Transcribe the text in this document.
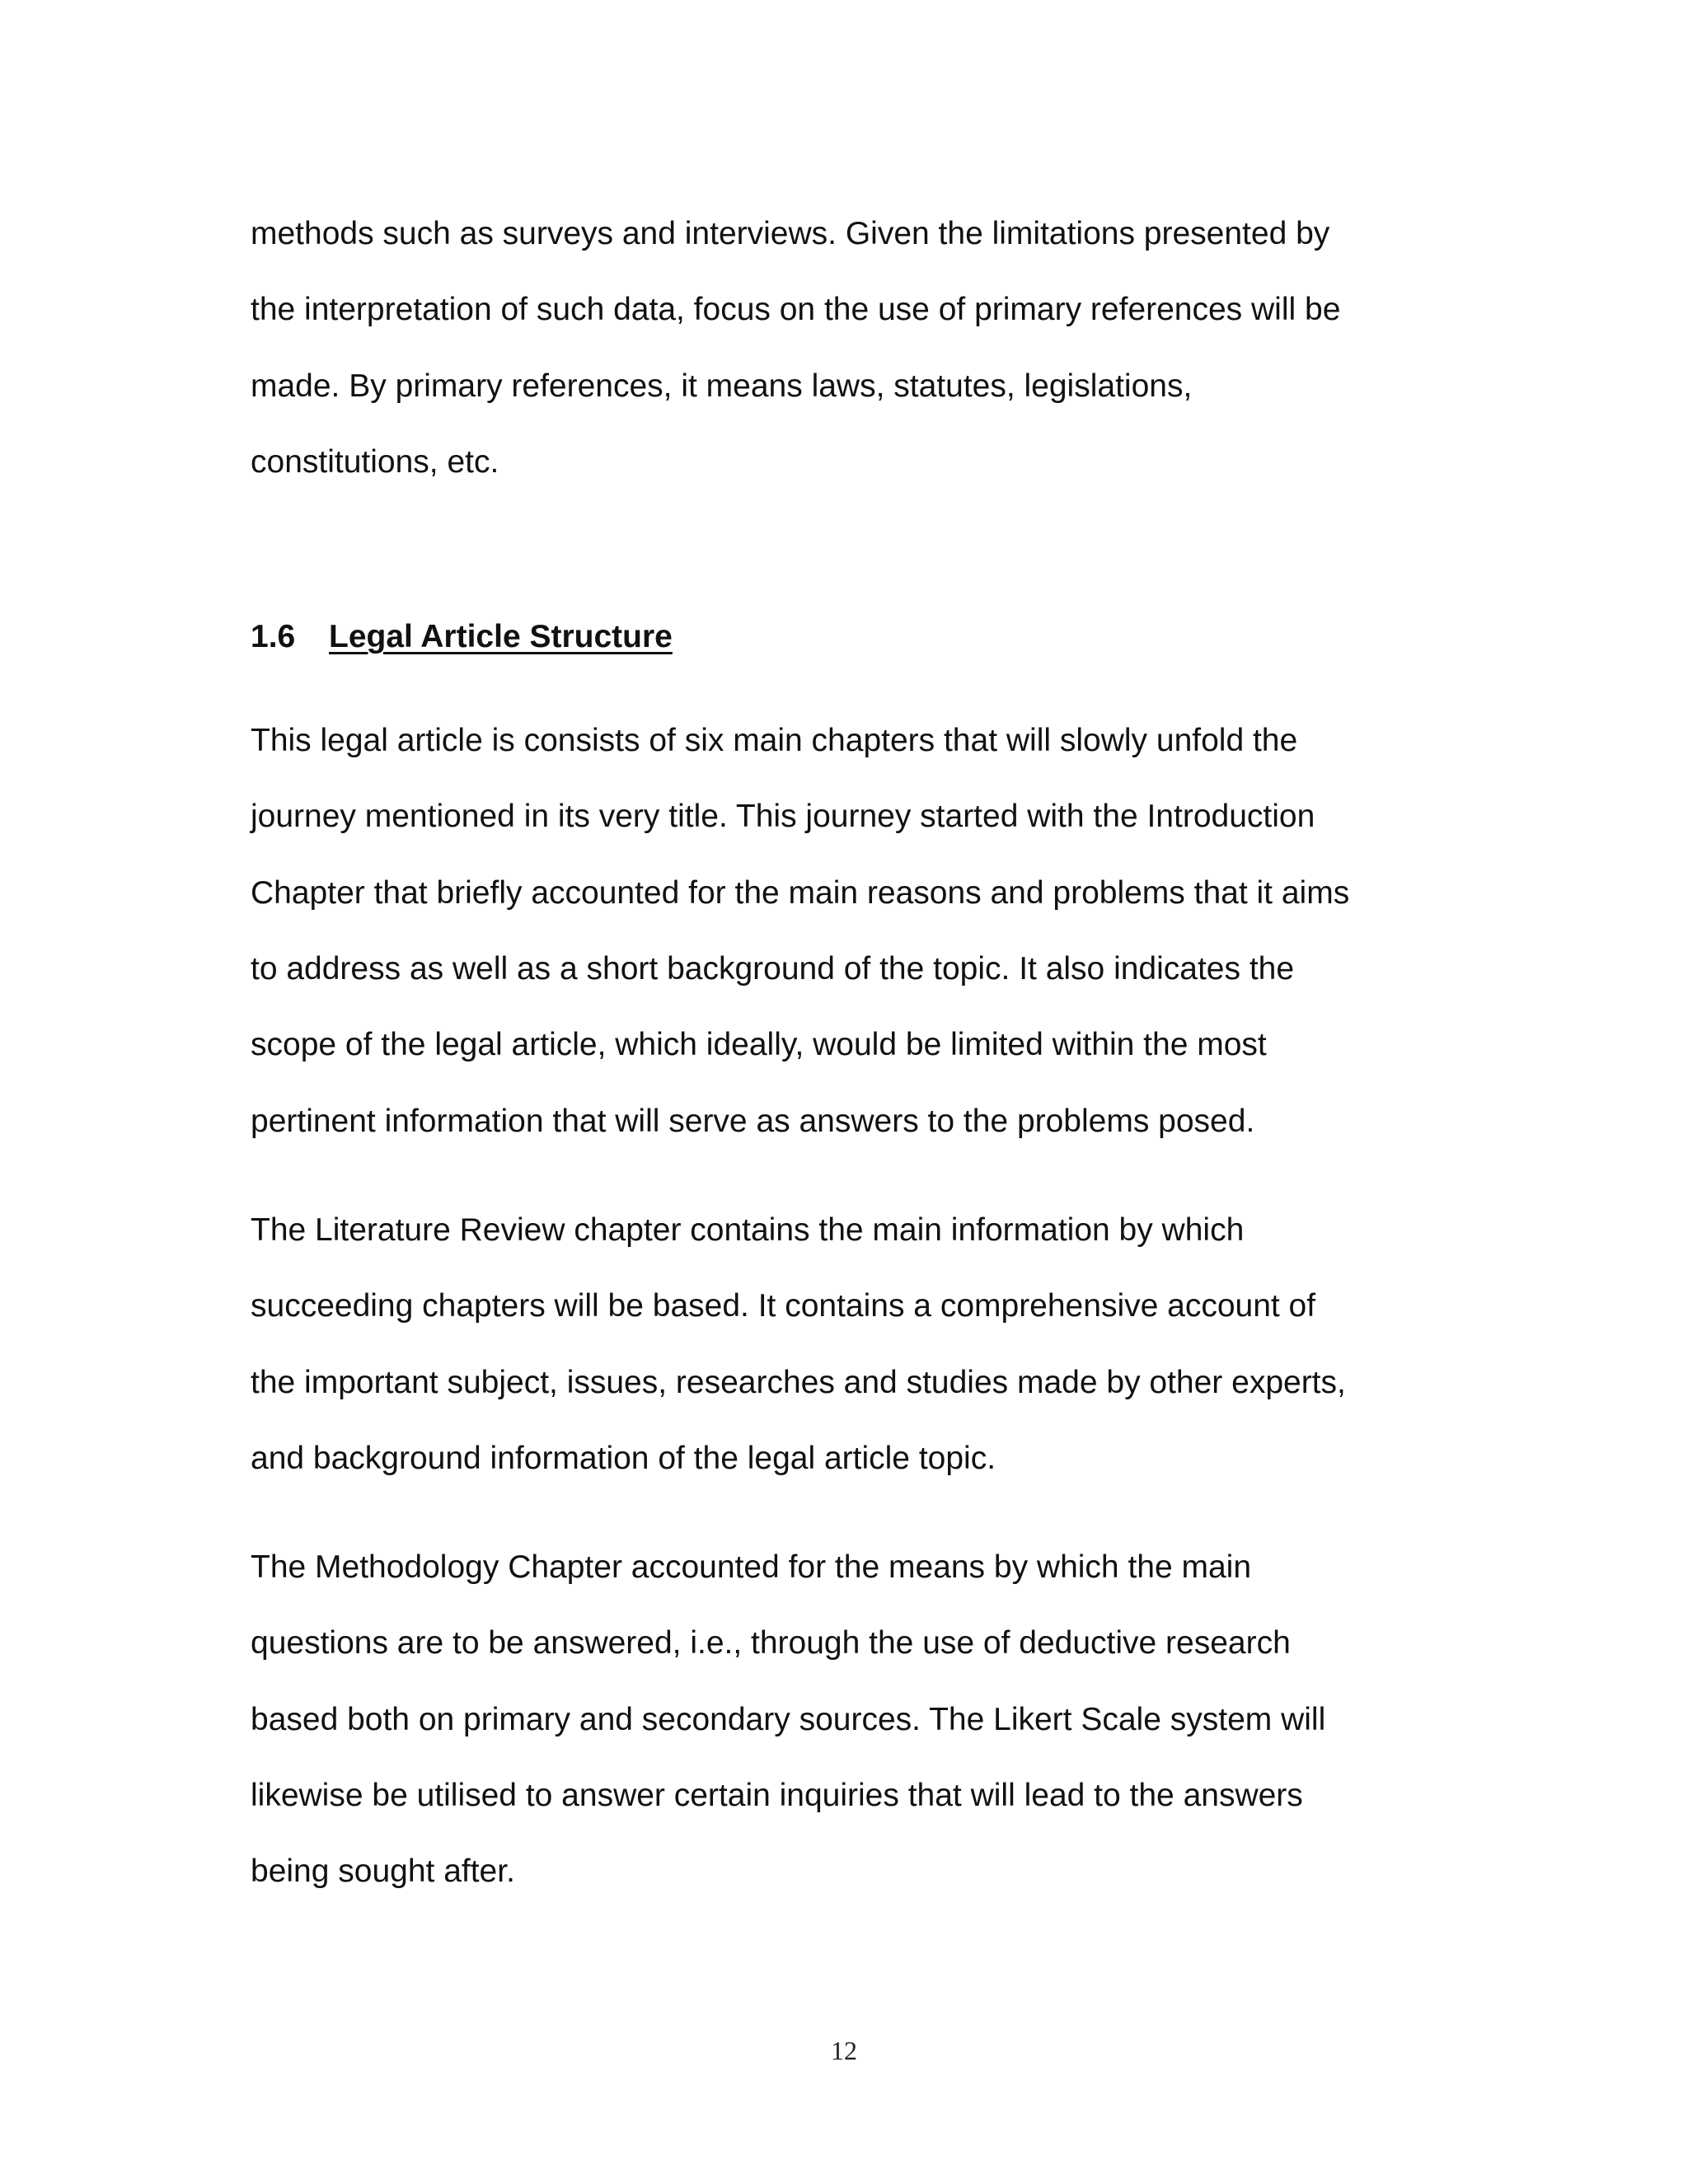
methods such as surveys and interviews. Given the limitations presented by

the interpretation of such data, focus on the use of primary references will be

made. By primary references, it means laws, statutes, legislations,

constitutions, etc.

1.6 Legal Article Structure

This legal article is consists of six main chapters that will slowly unfold the

journey mentioned in its very title. This journey started with the Introduction

Chapter that briefly accounted for the main reasons and problems that it aims

to address as well as a short background of the topic. It also indicates the

scope of the legal article, which ideally, would be limited within the most

pertinent information that will serve as answers to the problems posed.

The Literature Review chapter contains the main information by which

succeeding chapters will be based. It contains a comprehensive account of

the important subject, issues, researches and studies made by other experts,

and background information of the legal article topic.

The Methodology Chapter accounted for the means by which the main

questions are to be answered, i.e., through the use of deductive research

based both on primary and secondary sources. The Likert Scale system will

likewise be utilised to answer certain inquiries that will lead to the answers

being sought after.

12
